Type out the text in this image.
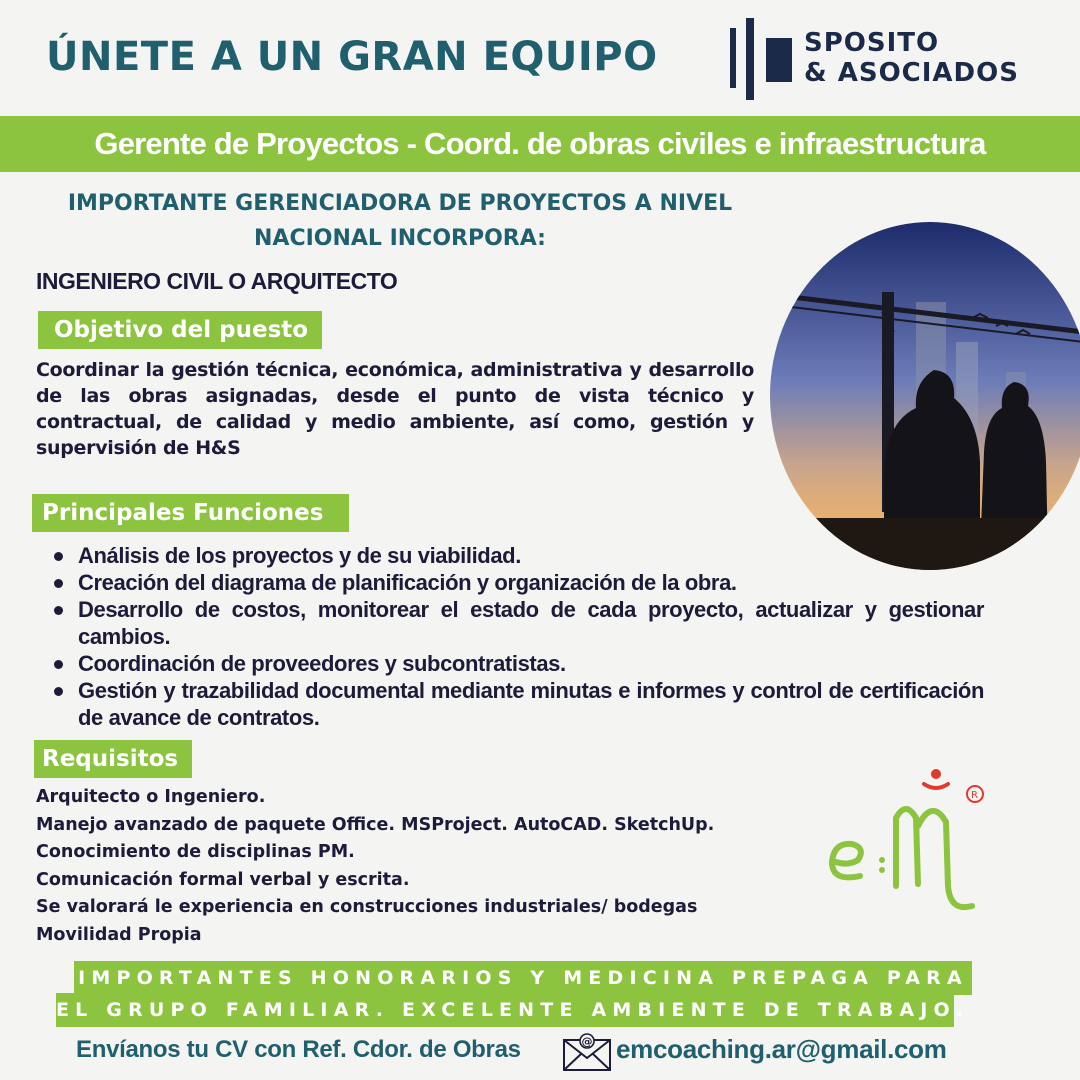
ÚNETE A UN GRAN EQUIPO	SPOSITO
& ASOCIADOS
Gerente de Proyectos - Coord. de obras civiles e infraestructura
IMPORTANTE GERENCIADORA DE PROYECTOS A NIVEL
NACIONAL INCORPORA:
INGENIERO CIVIL O ARQUITECTO
Objetivo del puesto
Coordinar la gestión técnica, económica, administrativa y desarrollo de las obras asignadas, desde el punto de vista técnico y contractual, de calidad y medio ambiente, así como, gestión y supervisión de H&S
Principales Funciones
Análisis de los proyectos y de su viabilidad.
Creación del diagrama de planificación y organización de la obra.
Desarrollo de costos, monitorear el estado de cada proyecto, actualizar y gestionar cambios.
Coordinación de proveedores y subcontratistas.
Gestión y trazabilidad documental mediante minutas e informes y control de certificación de avance de contratos.
Requisitos
Arquitecto o Ingeniero.
Manejo avanzado de paquete Office. MSProject. AutoCAD. SketchUp.
Conocimiento de disciplinas PM.
Comunicación formal verbal y escrita.
Se valorará le experiencia en construcciones industriales/ bodegas
Movilidad Propia
R
IMPORTANTES HONORARIOS Y MEDICINA PREPAGA PARA
EL GRUPO FAMILIAR. EXCELENTE AMBIENTE DE TRABAJO.
Envíanos tu CV con Ref. Cdor. de Obras	@ emcoaching.ar@gmail.com
